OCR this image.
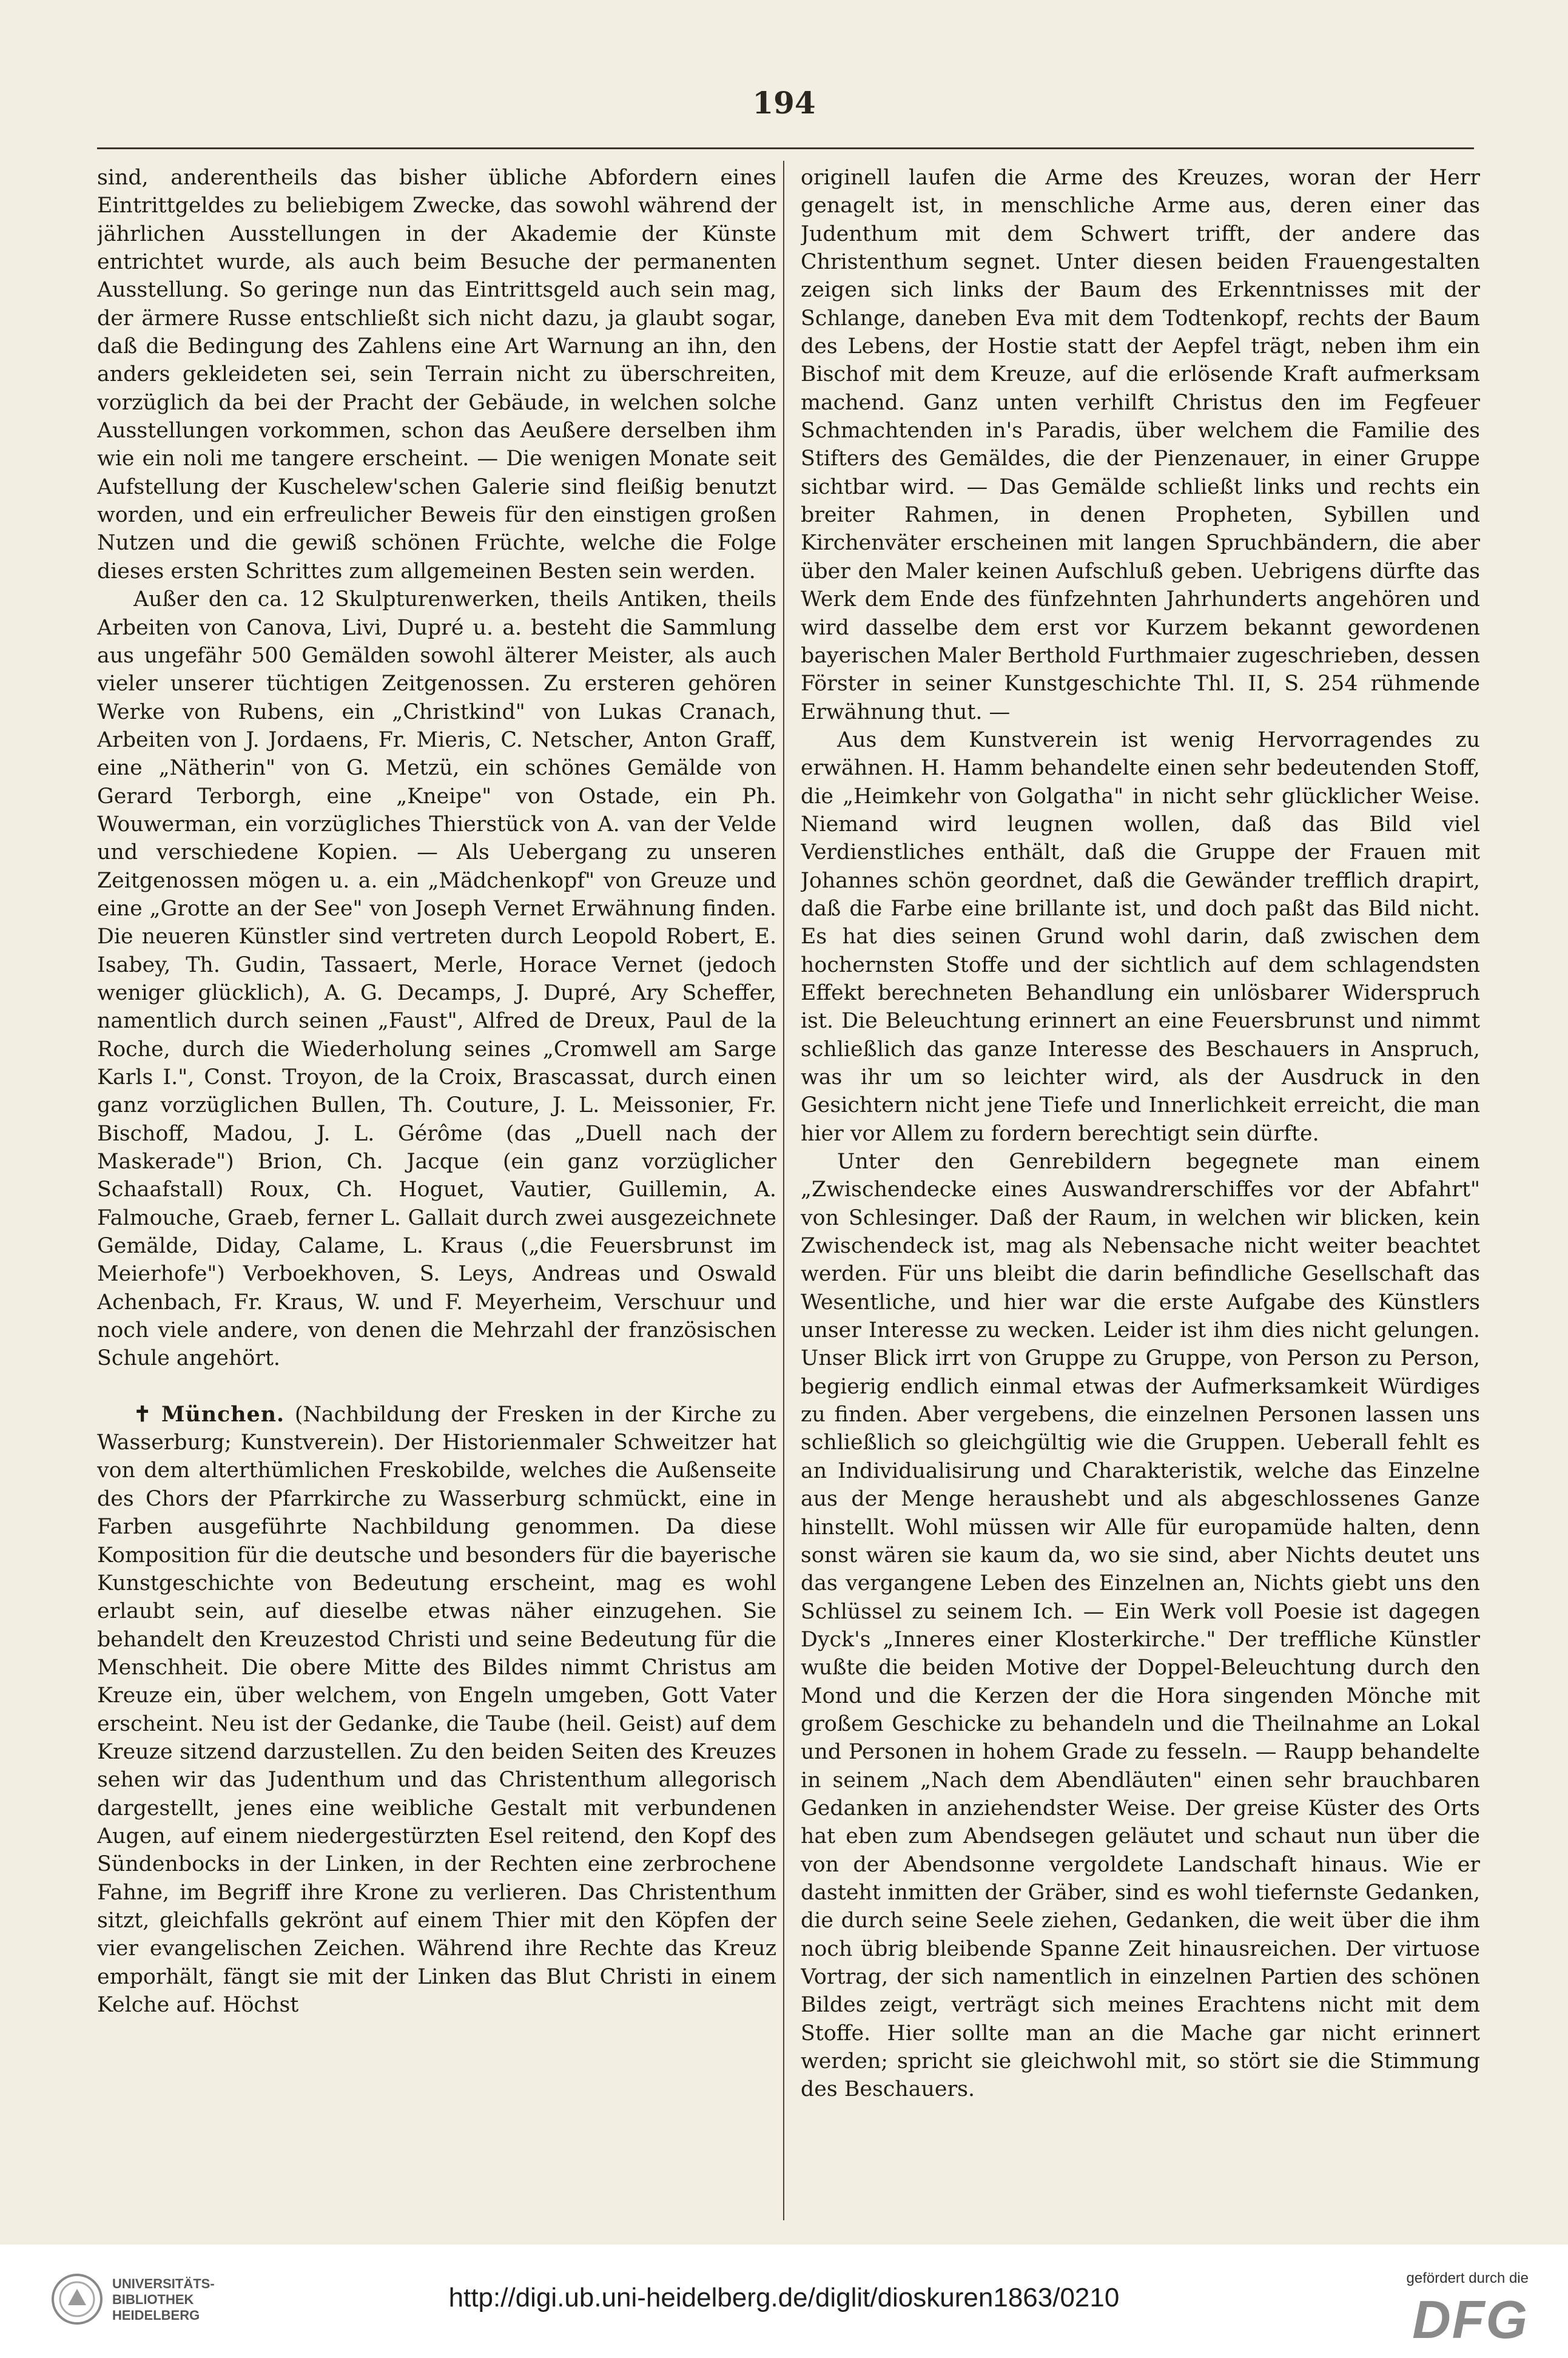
194

sind, anderentheils das bisher übliche Abfordern eines Eintrittgeldes zu beliebigem Zwecke, das sowohl während der jährlichen Ausstellungen in der Akademie der Künste entrichtet wurde, als auch beim Besuche der permanenten Ausstellung. So geringe nun das Eintrittsgeld auch sein mag, der ärmere Russe entschließt sich nicht dazu, ja glaubt sogar, daß die Bedingung des Zahlens eine Art Warnung an ihn, den anders gekleideten sei, sein Terrain nicht zu überschreiten, vorzüglich da bei der Pracht der Gebäude, in welchen solche Ausstellungen vorkommen, schon das Aeußere derselben ihm wie ein noli me tangere erscheint. — Die wenigen Monate seit Aufstellung der Kuschelew'schen Galerie sind fleißig benutzt worden, und ein erfreulicher Beweis für den einstigen großen Nutzen und die gewiß schönen Früchte, welche die Folge dieses ersten Schrittes zum allgemeinen Besten sein werden.

Außer den ca. 12 Skulpturenwerken, theils Antiken, theils Arbeiten von Canova, Livi, Dupré u. a. besteht die Sammlung aus ungefähr 500 Gemälden sowohl älterer Meister, als auch vieler unserer tüchtigen Zeitgenossen. Zu ersteren gehören Werke von Rubens, ein „Christkind" von Lukas Cranach, Arbeiten von J. Jordaens, Fr. Mieris, C. Netscher, Anton Graff, eine „Nätherin" von G. Metzü, ein schönes Gemälde von Gerard Terborgh, eine „Kneipe" von Ostade, ein Ph. Wouwerman, ein vorzügliches Thierstück von A. van der Velde und verschiedene Kopien. — Als Uebergang zu unseren Zeitgenossen mögen u. a. ein „Mädchenkopf" von Greuze und eine „Grotte an der See" von Joseph Vernet Erwähnung finden. Die neueren Künstler sind vertreten durch Leopold Robert, E. Isabey, Th. Gudin, Tassaert, Merle, Horace Vernet (jedoch weniger glücklich), A. G. Decamps, J. Dupré, Ary Scheffer, namentlich durch seinen „Faust", Alfred de Dreux, Paul de la Roche, durch die Wiederholung seines „Cromwell am Sarge Karls I.", Const. Troyon, de la Croix, Brascassat, durch einen ganz vorzüglichen Bullen, Th. Couture, J. L. Meissonier, Fr. Bischoff, Madou, J. L. Gérôme (das „Duell nach der Maskerade") Brion, Ch. Jacque (ein ganz vorzüglicher Schaafstall) Roux, Ch. Hoguet, Vautier, Guillemin, A. Falmouche, Graeb, ferner L. Gallait durch zwei ausgezeichnete Gemälde, Diday, Calame, L. Kraus („die Feuersbrunst im Meierhofe") Verboekhoven, S. Leys, Andreas und Oswald Achenbach, Fr. Kraus, W. und F. Meyerheim, Verschuur und noch viele andere, von denen die Mehrzahl der französischen Schule angehört.

✝ München. (Nachbildung der Fresken in der Kirche zu Wasserburg; Kunstverein). Der Historienmaler Schweitzer hat von dem alterthümlichen Freskobilde, welches die Außenseite des Chors der Pfarrkirche zu Wasserburg schmückt, eine in Farben ausgeführte Nachbildung genommen. Da diese Komposition für die deutsche und besonders für die bayerische Kunstgeschichte von Bedeutung erscheint, mag es wohl erlaubt sein, auf dieselbe etwas näher einzugehen. Sie behandelt den Kreuzestod Christi und seine Bedeutung für die Menschheit. Die obere Mitte des Bildes nimmt Christus am Kreuze ein, über welchem, von Engeln umgeben, Gott Vater erscheint. Neu ist der Gedanke, die Taube (heil. Geist) auf dem Kreuze sitzend darzustellen. Zu den beiden Seiten des Kreuzes sehen wir das Judenthum und das Christenthum allegorisch dargestellt, jenes eine weibliche Gestalt mit verbundenen Augen, auf einem niedergestürzten Esel reitend, den Kopf des Sündenbocks in der Linken, in der Rechten eine zerbrochene Fahne, im Begriff ihre Krone zu verlieren. Das Christenthum sitzt, gleichfalls gekrönt auf einem Thier mit den Köpfen der vier evangelischen Zeichen. Während ihre Rechte das Kreuz emporhält, fängt sie mit der Linken das Blut Christi in einem Kelche auf. Höchst

originell laufen die Arme des Kreuzes, woran der Herr genagelt ist, in menschliche Arme aus, deren einer das Judenthum mit dem Schwert trifft, der andere das Christenthum segnet. Unter diesen beiden Frauengestalten zeigen sich links der Baum des Erkenntnisses mit der Schlange, daneben Eva mit dem Todtenkopf, rechts der Baum des Lebens, der Hostie statt der Aepfel trägt, neben ihm ein Bischof mit dem Kreuze, auf die erlösende Kraft aufmerksam machend. Ganz unten verhilft Christus den im Fegfeuer Schmachtenden in's Paradis, über welchem die Familie des Stifters des Gemäldes, die der Pienzenauer, in einer Gruppe sichtbar wird. — Das Gemälde schließt links und rechts ein breiter Rahmen, in denen Propheten, Sybillen und Kirchenväter erscheinen mit langen Spruchbändern, die aber über den Maler keinen Aufschluß geben. Uebrigens dürfte das Werk dem Ende des fünfzehnten Jahrhunderts angehören und wird dasselbe dem erst vor Kurzem bekannt gewordenen bayerischen Maler Berthold Furthmaier zugeschrieben, dessen Förster in seiner Kunstgeschichte Thl. II, S. 254 rühmende Erwähnung thut. —

Aus dem Kunstverein ist wenig Hervorragendes zu erwähnen. H. Hamm behandelte einen sehr bedeutenden Stoff, die „Heimkehr von Golgatha" in nicht sehr glücklicher Weise. Niemand wird leugnen wollen, daß das Bild viel Verdienstliches enthält, daß die Gruppe der Frauen mit Johannes schön geordnet, daß die Gewänder trefflich drapirt, daß die Farbe eine brillante ist, und doch paßt das Bild nicht. Es hat dies seinen Grund wohl darin, daß zwischen dem hochernsten Stoffe und der sichtlich auf dem schlagendsten Effekt berechneten Behandlung ein unlösbarer Widerspruch ist. Die Beleuchtung erinnert an eine Feuersbrunst und nimmt schließlich das ganze Interesse des Beschauers in Anspruch, was ihr um so leichter wird, als der Ausdruck in den Gesichtern nicht jene Tiefe und Innerlichkeit erreicht, die man hier vor Allem zu fordern berechtigt sein dürfte.

Unter den Genrebildern begegnete man einem „Zwischendecke eines Auswandrerschiffes vor der Abfahrt" von Schlesinger. Daß der Raum, in welchen wir blicken, kein Zwischendeck ist, mag als Nebensache nicht weiter beachtet werden. Für uns bleibt die darin befindliche Gesellschaft das Wesentliche, und hier war die erste Aufgabe des Künstlers unser Interesse zu wecken. Leider ist ihm dies nicht gelungen. Unser Blick irrt von Gruppe zu Gruppe, von Person zu Person, begierig endlich einmal etwas der Aufmerksamkeit Würdiges zu finden. Aber vergebens, die einzelnen Personen lassen uns schließlich so gleichgültig wie die Gruppen. Ueberall fehlt es an Individualisirung und Charakteristik, welche das Einzelne aus der Menge heraushebt und als abgeschlossenes Ganze hinstellt. Wohl müssen wir Alle für europamüde halten, denn sonst wären sie kaum da, wo sie sind, aber Nichts deutet uns das vergangene Leben des Einzelnen an, Nichts giebt uns den Schlüssel zu seinem Ich. — Ein Werk voll Poesie ist dagegen Dyck's „Inneres einer Klosterkirche." Der treffliche Künstler wußte die beiden Motive der Doppel-Beleuchtung durch den Mond und die Kerzen der die Hora singenden Mönche mit großem Geschicke zu behandeln und die Theilnahme an Lokal und Personen in hohem Grade zu fesseln. — Raupp behandelte in seinem „Nach dem Abendläuten" einen sehr brauchbaren Gedanken in anziehendster Weise. Der greise Küster des Orts hat eben zum Abendsegen geläutet und schaut nun über die von der Abendsonne vergoldete Landschaft hinaus. Wie er dasteht inmitten der Gräber, sind es wohl tiefernste Gedanken, die durch seine Seele ziehen, Gedanken, die weit über die ihm noch übrig bleibende Spanne Zeit hinausreichen. Der virtuose Vortrag, der sich namentlich in einzelnen Partien des schönen Bildes zeigt, verträgt sich meines Erachtens nicht mit dem Stoffe. Hier sollte man an die Mache gar nicht erinnert werden; spricht sie gleichwohl mit, so stört sie die Stimmung des Beschauers.

UNIVERSITÄTS-
BIBLIOTHEK
HEIDELBERG
http://digi.ub.uni-heidelberg.de/diglit/dioskuren1863/0210
gefördert durch die
DFG
